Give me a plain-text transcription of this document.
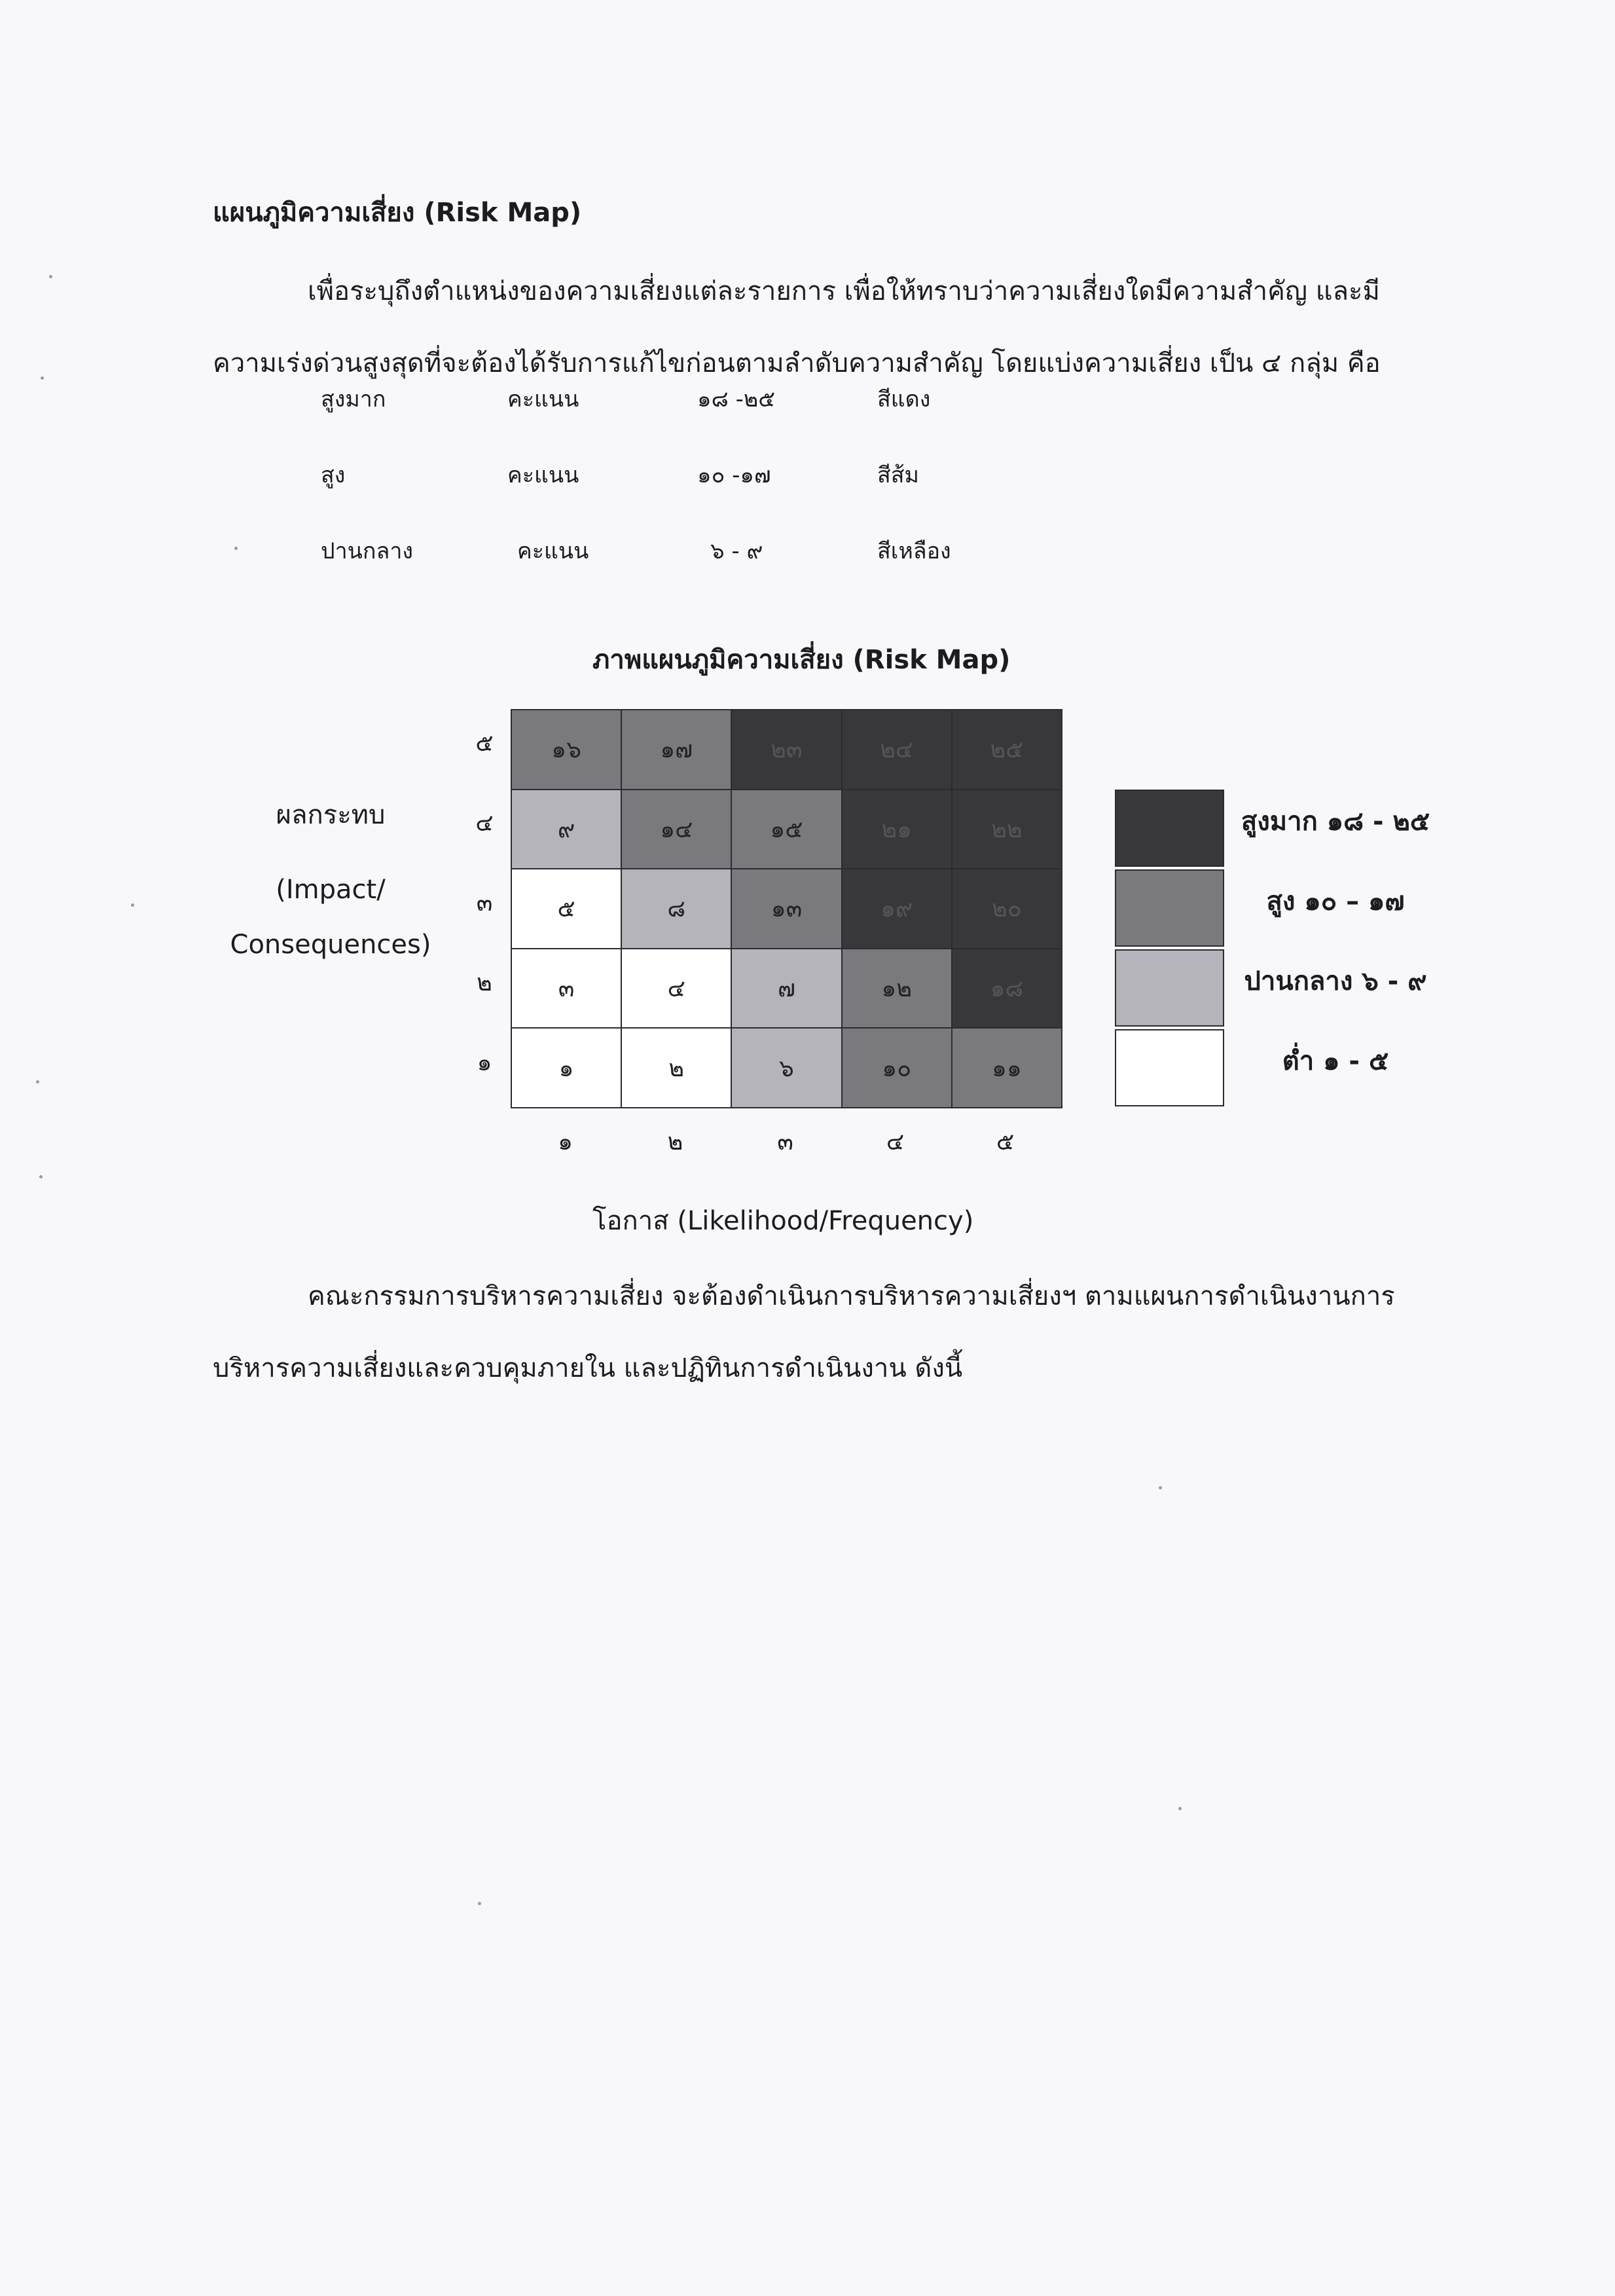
แผนภูมิความเสี่ยง (Risk Map)
เพื่อระบุถึงตำแหน่งของความเสี่ยงแต่ละรายการ เพื่อให้ทราบว่าความเสี่ยงใดมีความสำคัญ และมี
ความเร่งด่วนสูงสุดที่จะต้องได้รับการแก้ไขก่อนตามลำดับความสำคัญ โดยแบ่งความเสี่ยง เป็น ๔ กลุ่ม คือ
สูงมาก	คะแนน	๑๘ -๒๕	สีแดง
สูง	คะแนน	๑๐ -๑๗	สีส้ม
ปานกลาง	คะแนน	๖ - ๙	สีเหลือง
ภาพแผนภูมิความเสี่ยง (Risk Map)
ผลกระทบ
(Impact/
Consequences)
๕
๔
๓
๒
๑
๑๖	๑๗	๒๓	๒๔	๒๕
๙	๑๔	๑๕	๒๑	๒๒
๕	๘	๑๓	๑๙	๒๐
๓	๔	๗	๑๒	๑๘
๑	๒	๖	๑๐	๑๑
๑	๒	๓	๔	๕
โอกาส (Likelihood/Frequency)
สูงมาก ๑๘ - ๒๕
สูง ๑๐ – ๑๗
ปานกลาง ๖ - ๙
ต่ำ ๑ - ๕
คณะกรรมการบริหารความเสี่ยง จะต้องดำเนินการบริหารความเสี่ยงฯ ตามแผนการดำเนินงานการ
บริหารความเสี่ยงและควบคุมภายใน และปฏิทินการดำเนินงาน ดังนี้
